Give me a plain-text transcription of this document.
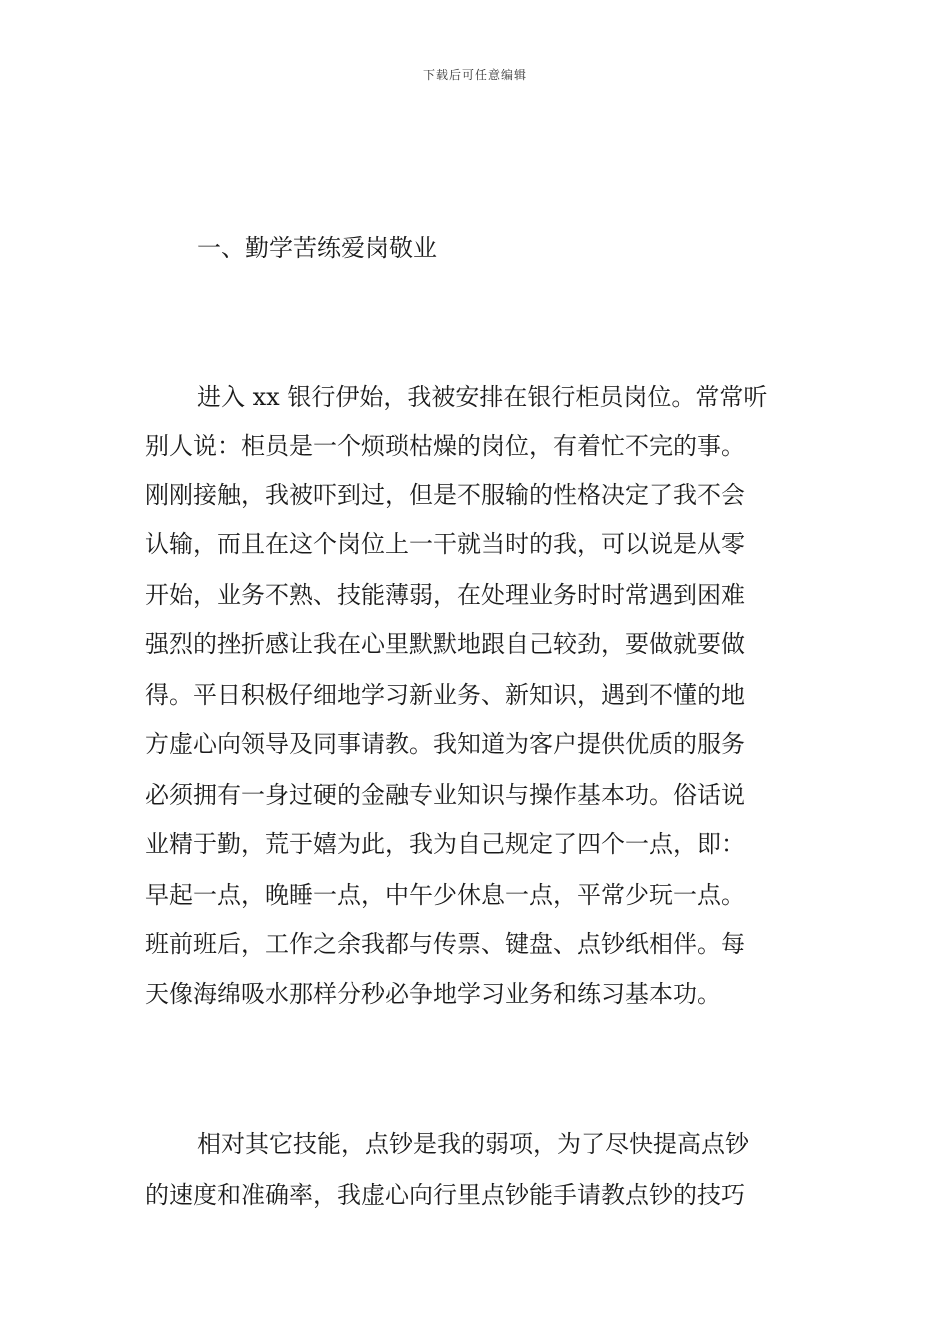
下载后可任意编辑
一、勤学苦练爱岗敬业
进入 xx 银行伊始，我被安排在银行柜员岗位。常常听
别人说：柜员是一个烦琐枯燥的岗位，有着忙不完的事。
刚刚接触，我被吓到过，但是不服输的性格决定了我不会
认输，而且在这个岗位上一干就当时的我，可以说是从零
开始，业务不熟、技能薄弱，在处理业务时时常遇到困难
强烈的挫折感让我在心里默默地跟自己较劲，要做就要做
得。平日积极仔细地学习新业务、新知识，遇到不懂的地
方虚心向领导及同事请教。我知道为客户提供优质的服务
必须拥有一身过硬的金融专业知识与操作基本功。俗话说
业精于勤，荒于嬉为此，我为自己规定了四个一点，即：
早起一点，晚睡一点，中午少休息一点，平常少玩一点。
班前班后，工作之余我都与传票、键盘、点钞纸相伴。每
天像海绵吸水那样分秒必争地学习业务和练习基本功。
相对其它技能，点钞是我的弱项，为了尽快提高点钞
的速度和准确率，我虚心向行里点钞能手请教点钞的技巧
